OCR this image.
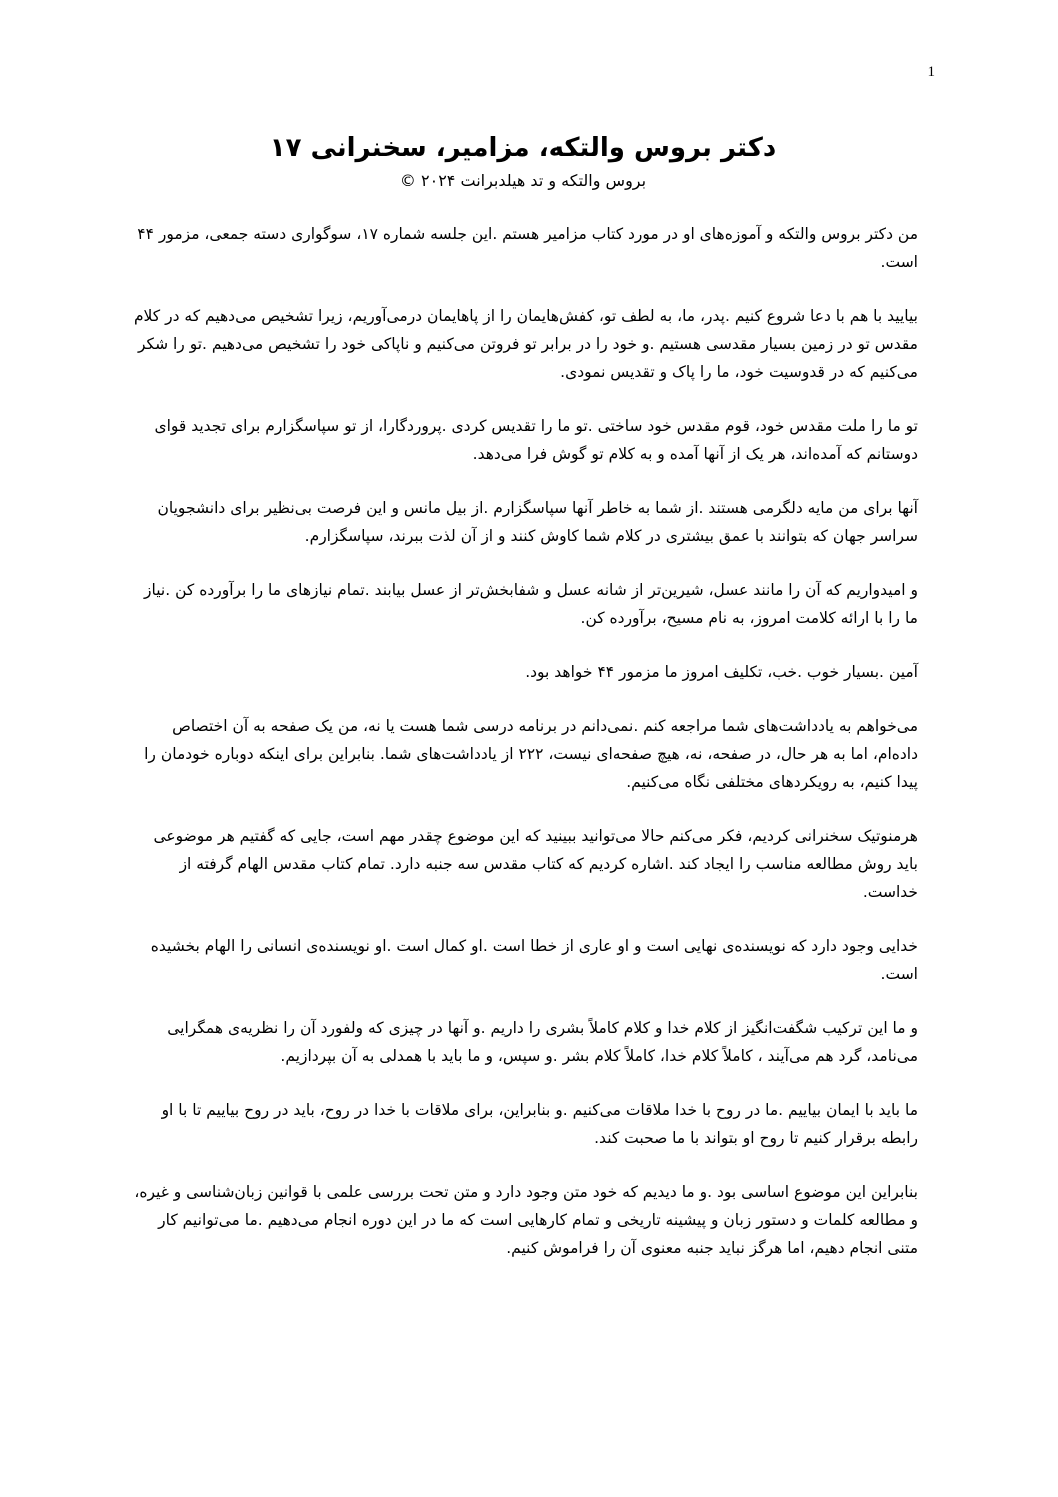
1
دکتر بروس والتکه، مزامیر، سخنرانی ۱۷

بروس والتکه و تد هیلدبرانت ۲۰۲۴ ©

من دکتر بروس والتکه و آموزه‌های او در مورد کتاب مزامیر هستم .این جلسه شماره ۱۷، سوگواری دسته جمعی، مزمور ۴۴ است.

بیایید با هم با دعا شروع کنیم .پدر، ما، به لطف تو، کفش‌هایمان را از پاهایمان درمی‌آوریم، زیرا تشخیص می‌دهیم که در کلام مقدس تو در زمین بسیار مقدسی هستیم .و خود را در برابر تو فروتن می‌کنیم و ناپاکی خود را تشخیص می‌دهیم .تو را شکر می‌کنیم که در قدوسیت خود، ما را پاک و تقدیس نمودی.

تو ما را ملت مقدس خود، قوم مقدس خود ساختی .تو ما را تقدیس کردی .پروردگارا، از تو سپاسگزارم برای تجدید قوای دوستانم که آمده‌اند، هر یک از آنها آمده و به کلام تو گوش فرا می‌دهد.

آنها برای من مایه دلگرمی هستند .از شما به خاطر آنها سپاسگزارم .از بیل مانس و این فرصت بی‌نظیر برای دانشجویان سراسر جهان که بتوانند با عمق بیشتری در کلام شما کاوش کنند و از آن لذت ببرند، سپاسگزارم.

و امیدواریم که آن را مانند عسل، شیرین‌تر از شانه عسل و شفابخش‌تر از عسل بیابند .تمام نیازهای ما را برآورده کن .نیاز ما را با ارائه کلامت امروز، به نام مسیح، برآورده کن.

آمین .بسیار خوب .خب، تکلیف امروز ما مزمور ۴۴ خواهد بود.

می‌خواهم به یادداشت‌های شما مراجعه کنم .نمی‌دانم در برنامه درسی شما هست یا نه، من یک صفحه به آن اختصاص داده‌ام، اما به هر حال، در صفحه، نه، هیچ صفحه‌ای نیست، ۲۲۲ از یادداشت‌های شما. بنابراین برای اینکه دوباره خودمان را پیدا کنیم، به رویکردهای مختلفی نگاه می‌کنیم.

هرمنوتیک سخنرانی کردیم، فکر می‌کنم حالا می‌توانید ببینید که این موضوع چقدر مهم است، جایی که گفتیم هر موضوعی باید روش مطالعه مناسب را ایجاد کند .اشاره کردیم که کتاب مقدس سه جنبه دارد. تمام کتاب مقدس الهام گرفته از خداست.

خدایی وجود دارد که نویسنده‌ی نهایی است و او عاری از خطا است .او کمال است .او نویسنده‌ی انسانی را الهام بخشیده است.

و ما این ترکیب شگفت‌انگیز از کلام خدا و کلام کاملاً بشری را داریم .و آنها در چیزی که ولفورد آن را نظریه‌ی همگرایی می‌نامد، گرد هم می‌آیند ، کاملاً کلام خدا، کاملاً کلام بشر .و سپس، و ما باید با همدلی به آن بپردازیم.

ما باید با ایمان بیاییم .ما در روح با خدا ملاقات می‌کنیم .و بنابراین، برای ملاقات با خدا در روح، باید در روح بیاییم تا با او رابطه برقرار کنیم تا روح او بتواند با ما صحبت کند.

بنابراین این موضوع اساسی بود .و ما دیدیم که خود متن وجود دارد و متن تحت بررسی علمی با قوانین زبان‌شناسی و غیره، و مطالعه کلمات و دستور زبان و پیشینه تاریخی و تمام کارهایی است که ما در این دوره انجام می‌دهیم .ما می‌توانیم کار متنی انجام دهیم، اما هرگز نباید جنبه معنوی آن را فراموش کنیم.
